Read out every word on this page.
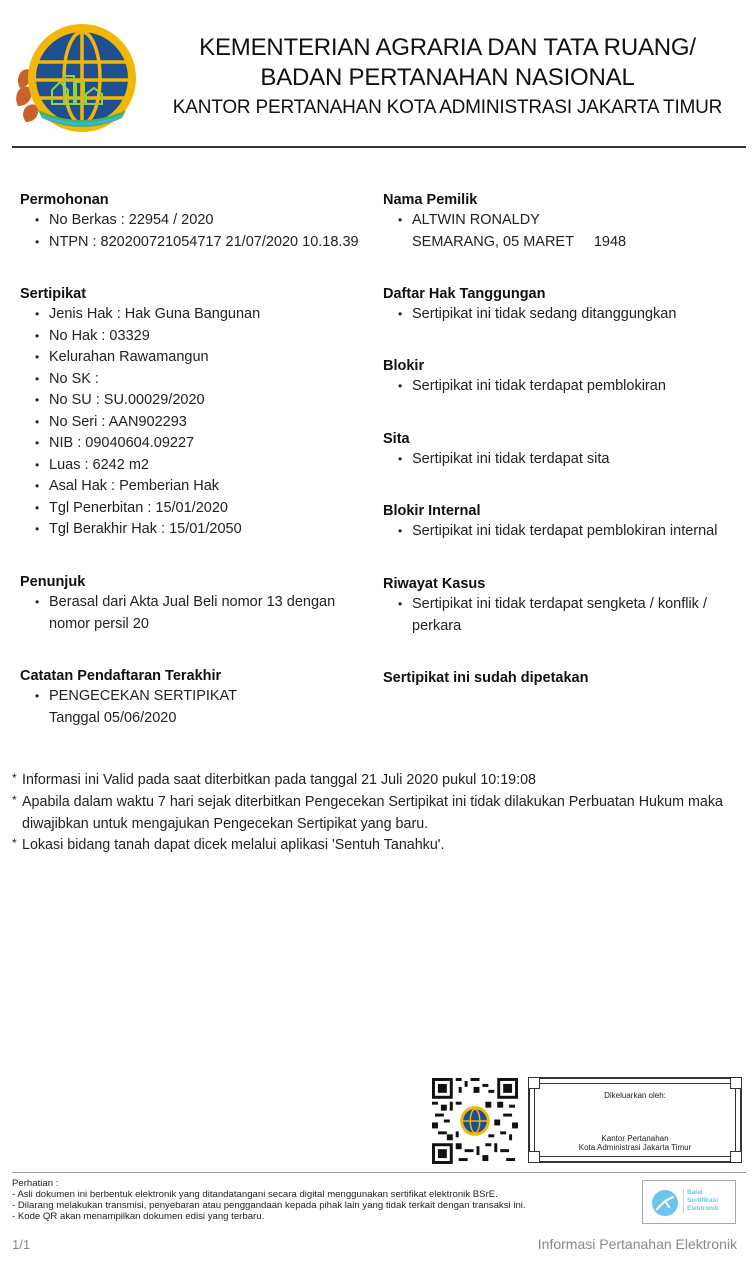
KEMENTERIAN AGRARIA DAN TATA RUANG/
BADAN PERTANAHAN NASIONAL
KANTOR PERTANAHAN KOTA ADMINISTRASI JAKARTA TIMUR
Permohonan
• No Berkas : 22954 / 2020
• NTPN : 820200721054717 21/07/2020 10.18.39
Sertipikat
• Jenis Hak : Hak Guna Bangunan
• No Hak : 03329
• Kelurahan Rawamangun
• No SK :
• No SU : SU.00029/2020
• No Seri : AAN902293
• NIB : 09040604.09227
• Luas : 6242 m2
• Asal Hak : Pemberian Hak
• Tgl Penerbitan : 15/01/2020
• Tgl Berakhir Hak : 15/01/2050
Penunjuk
• Berasal dari Akta Jual Beli nomor 13 dengan
nomor persil 20
Catatan Pendaftaran Terakhir
• PENGECEKAN SERTIPIKAT
Tanggal 05/06/2020
Nama Pemilik
• ALTWIN RONALDY
SEMARANG, 05 MARET     1948
Daftar Hak Tanggungan
• Sertipikat ini tidak sedang ditanggungkan
Blokir
• Sertipikat ini tidak terdapat pemblokiran
Sita
• Sertipikat ini tidak terdapat sita
Blokir Internal
• Sertipikat ini tidak terdapat pemblokiran internal
Riwayat Kasus
• Sertipikat ini tidak terdapat sengketa / konflik /
perkara
Sertipikat ini sudah dipetakan
* Informasi ini Valid pada saat diterbitkan pada tanggal 21 Juli 2020 pukul 10:19:08
* Apabila dalam waktu 7 hari sejak diterbitkan Pengecekan Sertipikat ini tidak dilakukan Perbuatan Hukum maka
diwajibkan untuk mengajukan Pengecekan Sertipikat yang baru.
* Lokasi bidang tanah dapat dicek melalui aplikasi 'Sentuh Tanahku'.
Dikeluarkan oleh:
Kantor Pertanahan
Kota Administrasi Jakarta Timur
Perhatian :
- Asli dokumen ini berbentuk elektronik yang ditandatangani secara digital menggunakan sertifikat elektronik BSrE.
- Dilarang melakukan transmisi, penyebaran atau penggandaan kepada pihak lain yang tidak terkait dengan transaksi ini.
- Kode QR akan menampilkan dokumen edisi yang terbaru.
Balai
Sertifikasi
Elektronik
1/1	Informasi Pertanahan Elektronik
